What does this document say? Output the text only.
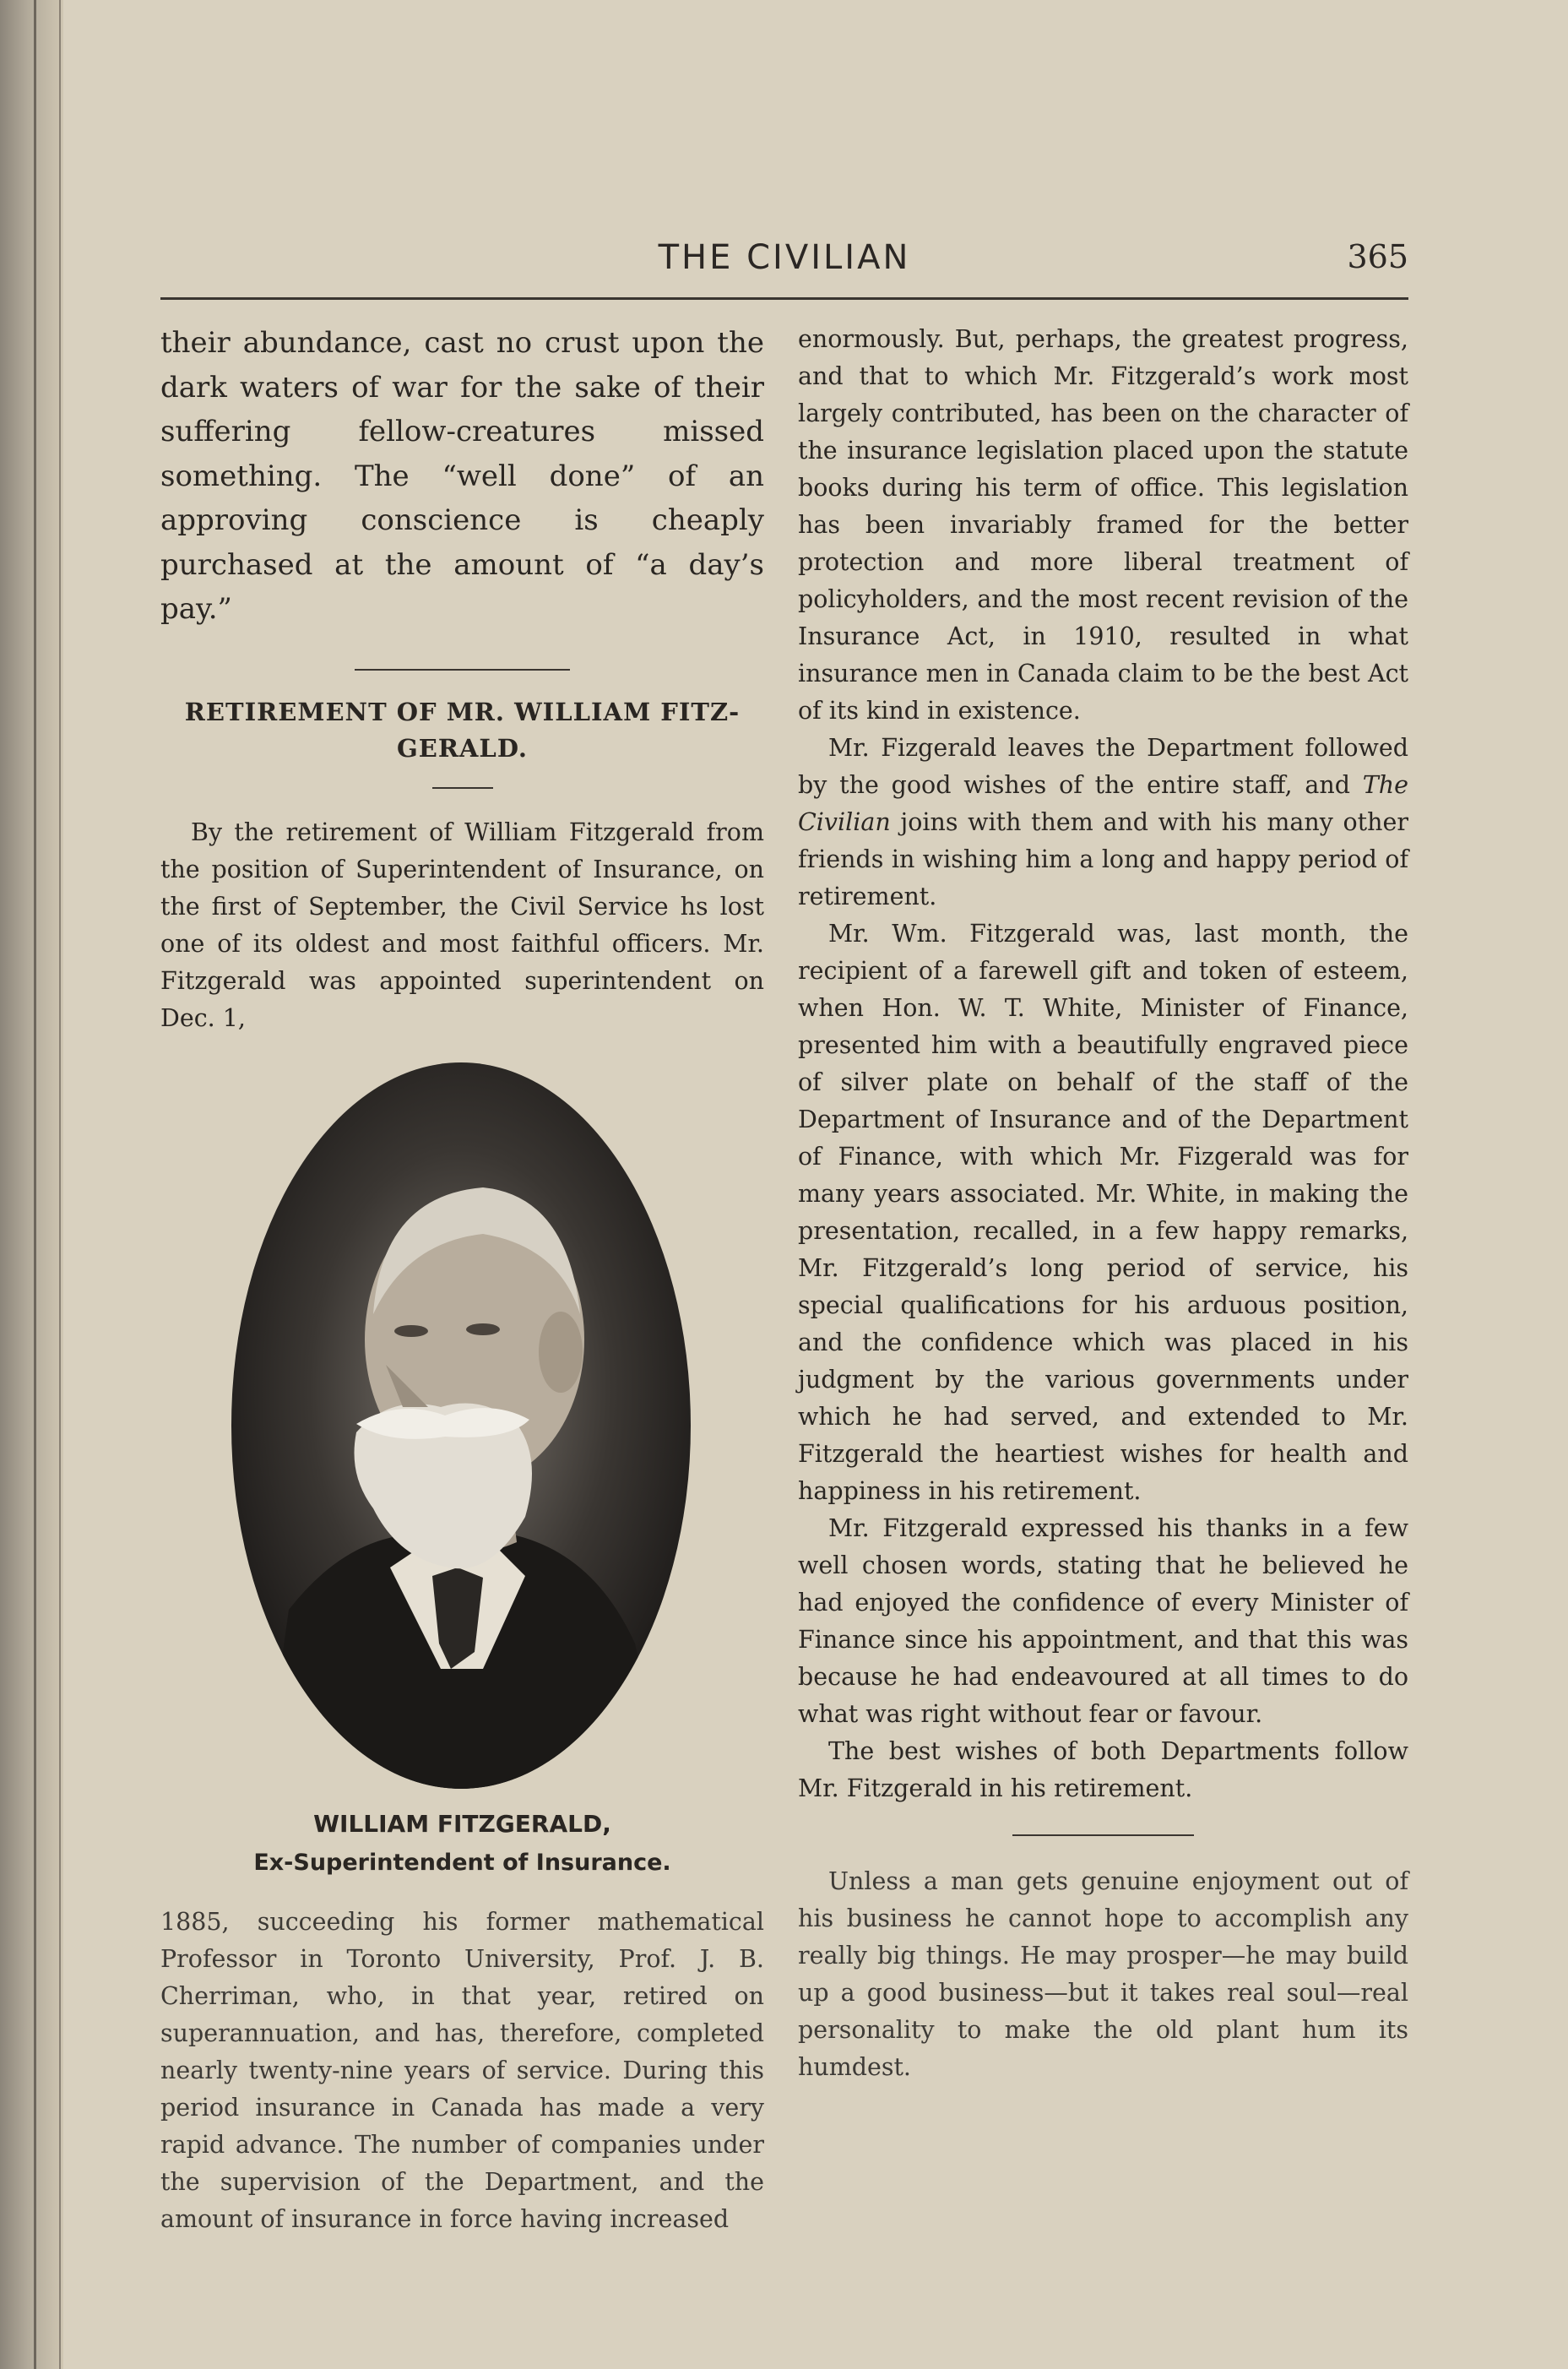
THE CIVILIAN	365

their abundance, cast no crust upon the dark waters of war for the sake of their suffering fellow-creatures missed something. The “well done” of an approving conscience is cheaply purchased at the amount of “a day’s pay.”

RETIREMENT OF MR. WILLIAM FITZ-GERALD.

By the retirement of William Fitzgerald from the position of Superintendent of Insurance, on the first of September, the Civil Service hs lost one of its oldest and most faithful officers. Mr. Fitzgerald was appointed superintendent on Dec. 1,

WILLIAM FITZGERALD,
Ex-Superintendent of Insurance.

1885, succeeding his former mathematical Professor in Toronto University, Prof. J. B. Cherriman, who, in that year, retired on superannuation, and has, therefore, completed nearly twenty-nine years of service. During this period insurance in Canada has made a very rapid advance. The number of companies under the supervision of the Department, and the amount of insurance in force having increased

enormously. But, perhaps, the greatest progress, and that to which Mr. Fitzgerald’s work most largely contributed, has been on the character of the insurance legislation placed upon the statute books during his term of office. This legislation has been invariably framed for the better protection and more liberal treatment of policyholders, and the most recent revision of the Insurance Act, in 1910, resulted in what insurance men in Canada claim to be the best Act of its kind in existence.

Mr. Fizgerald leaves the Department followed by the good wishes of the entire staff, and The Civilian joins with them and with his many other friends in wishing him a long and happy period of retirement.

Mr. Wm. Fitzgerald was, last month, the recipient of a farewell gift and token of esteem, when Hon. W. T. White, Minister of Finance, presented him with a beautifully engraved piece of silver plate on behalf of the staff of the Department of Insurance and of the Department of Finance, with which Mr. Fizgerald was for many years associated. Mr. White, in making the presentation, recalled, in a few happy remarks, Mr. Fitzgerald’s long period of service, his special qualifications for his arduous position, and the confidence which was placed in his judgment by the various governments under which he had served, and extended to Mr. Fitzgerald the heartiest wishes for health and happiness in his retirement.

Mr. Fitzgerald expressed his thanks in a few well chosen words, stating that he believed he had enjoyed the confidence of every Minister of Finance since his appointment, and that this was because he had endeavoured at all times to do what was right without fear or favour.

The best wishes of both Departments follow Mr. Fitzgerald in his retirement.

Unless a man gets genuine enjoyment out of his business he cannot hope to accomplish any really big things. He may prosper—he may build up a good business—but it takes real soul—real personality to make the old plant hum its humdest.
